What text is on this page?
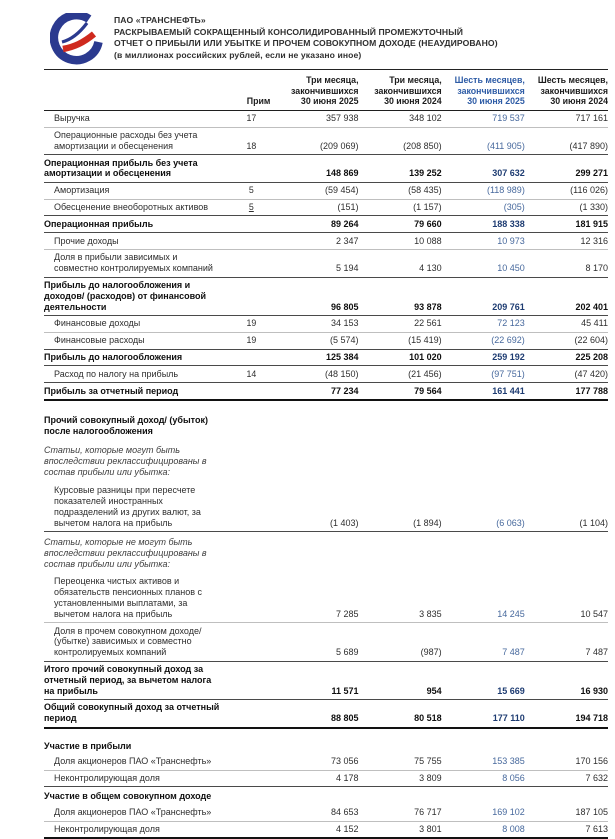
ПАО «ТРАНСНЕФТЬ»
РАСКРЫВАЕМЫЙ СОКРАЩЕННЫЙ КОНСОЛИДИРОВАННЫЙ ПРОМЕЖУТОЧНЫЙ
ОТЧЕТ О ПРИБЫЛИ ИЛИ УБЫТКЕ И ПРОЧЕМ СОВОКУПНОМ ДОХОДЕ (НЕАУДИРОВАНО)
(в миллионах российских рублей, если не указано иное)
	Прим	
Три месяца,
закончившихся
30 июня 2025

Три месяца,
закончившихся
30 июня 2024

Шесть месяцев,
закончившихся
30 июня 2025

Шесть месяцев,
закончившихся
30 июня 2024

Выручка	17	357 938	348 102	719 537	717 161
Операционные расходы без учета амортизации и обесценения	18	(209 069)	(208 850)	(411 905)	(417 890)
Операционная прибыль без учета амортизации и обесценения		148 869	139 252	307 632	299 271
Амортизация	5	(59 454)	(58 435)	(118 989)	(116 026)
Обесценение внеоборотных активов	5	(151)	(1 157)	(305)	(1 330)
Операционная прибыль		89 264	79 660	188 338	181 915
Прочие доходы		2 347	10 088	10 973	12 316
Доля в прибыли зависимых и совместно контролируемых компаний		5 194	4 130	10 450	8 170
Прибыль до налогообложения и доходов/ (расходов) от финансовой деятельности		96 805	93 878	209 761	202 401
Финансовые доходы	19	34 153	22 561	72 123	45 411
Финансовые расходы	19	(5 574)	(15 419)	(22 692)	(22 604)
Прибыль до налогообложения		125 384	101 020	259 192	225 208
Расход по налогу на прибыль	14	(48 150)	(21 456)	(97 751)	(47 420)
Прибыль за отчетный период		77 234	79 564	161 441	177 788

Прочий совокупный доход/ (убыток) после налогообложения					

Статьи, которые могут быть впоследствии реклассифицированы в состав прибыли или убытка:					

Курсовые разницы при пересчете показателей иностранных подразделений из других валют, за вычетом налога на прибыль		(1 403)	(1 894)	(6 063)	(1 104)

Статьи, которые не могут быть впоследствии реклассифицированы в состав прибыли или убытка:					

Переоценка чистых активов и обязательств пенсионных планов с установленными выплатами, за вычетом налога на прибыль		7 285	3 835	14 245	10 547
Доля в прочем совокупном доходе/ (убытке) зависимых и совместно контролируемых компаний		5 689	(987)	7 487	7 487
Итого прочий совокупный доход за отчетный период, за вычетом налога на прибыль		11 571	954	15 669	16 930
Общий совокупный доход за отчетный период		88 805	80 518	177 110	194 718

Участие в прибыли					
Доля акционеров ПАО «Транснефть»		73 056	75 755	153 385	170 156
Неконтролирующая доля		4 178	3 809	8 056	7 632
Участие в общем совокупном доходе					
Доля акционеров ПАО «Транснефть»		84 653	76 717	169 102	187 105
Неконтролирующая доля		4 152	3 801	8 008	7 613
